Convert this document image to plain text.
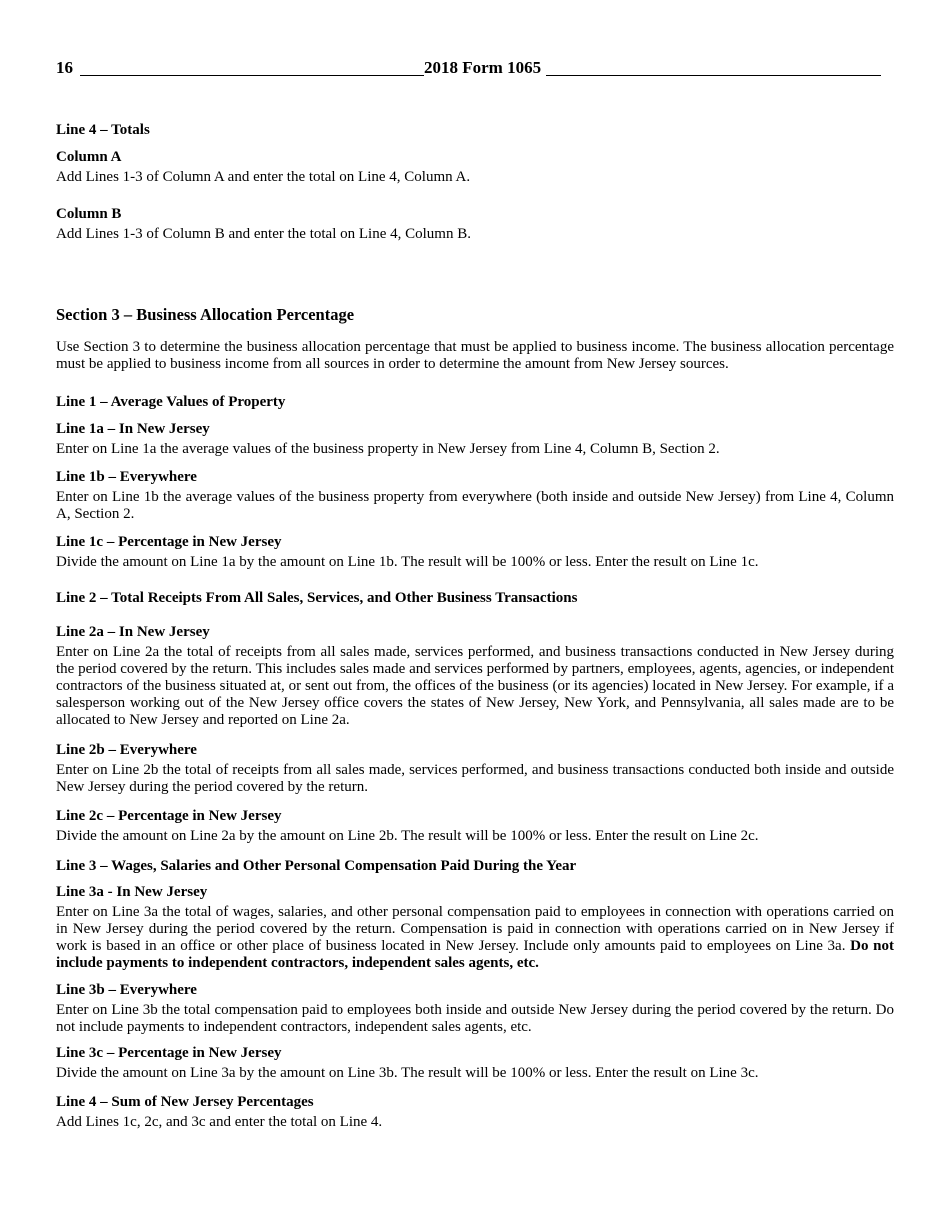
16	2018 Form 1065
Line 4 – Totals
Column A

Add Lines 1-3 of Column A and enter the total on Line 4, Column A.

Column B

Add Lines 1-3 of Column B and enter the total on Line 4, Column B.

Section 3 – Business Allocation Percentage

Use Section 3 to determine the business allocation percentage that must be applied to business income. The business allocation percentage must be applied to business income from all sources in order to determine the amount from New Jersey sources.

Line 1 – Average Values of Property
Line 1a – In New Jersey

Enter on Line 1a the average values of the business property in New Jersey from Line 4, Column B, Section 2.

Line 1b – Everywhere

Enter on Line 1b the average values of the business property from everywhere (both inside and outside New Jersey) from Line 4, Column A, Section 2.

Line 1c – Percentage in New Jersey

Divide the amount on Line 1a by the amount on Line 1b. The result will be 100% or less. Enter the result on Line 1c.

Line 2 – Total Receipts From All Sales, Services, and Other Business Transactions
Line 2a – In New Jersey

Enter on Line 2a the total of receipts from all sales made, services performed, and business transactions conducted in New Jersey during the period covered by the return. This includes sales made and services performed by partners, employees, agents, agencies, or independent contractors of the business situated at, or sent out from, the offices of the business (or its agencies) located in New Jersey. For example, if a salesperson working out of the New Jersey office covers the states of New Jersey, New York, and Pennsylvania, all sales made are to be allocated to New Jersey and reported on Line 2a.

Line 2b – Everywhere

Enter on Line 2b the total of receipts from all sales made, services performed, and business transactions conducted both inside and outside New Jersey during the period covered by the return.

Line 2c – Percentage in New Jersey

Divide the amount on Line 2a by the amount on Line 2b. The result will be 100% or less. Enter the result on Line 2c.

Line 3 – Wages, Salaries and Other Personal Compensation Paid During the Year
Line 3a - In New Jersey

Enter on Line 3a the total of wages, salaries, and other personal compensation paid to employees in connection with operations carried on in New Jersey during the period covered by the return. Compensation is paid in connection with operations carried on in New Jersey if work is based in an office or other place of business located in New Jersey. Include only amounts paid to employees on Line 3a. Do not include payments to independent contractors, independent sales agents, etc.

Line 3b – Everywhere

Enter on Line 3b the total compensation paid to employees both inside and outside New Jersey during the period covered by the return. Do not include payments to independent contractors, independent sales agents, etc.

Line 3c – Percentage in New Jersey

Divide the amount on Line 3a by the amount on Line 3b. The result will be 100% or less. Enter the result on Line 3c.

Line 4 – Sum of New Jersey Percentages

Add Lines 1c, 2c, and 3c and enter the total on Line 4.
